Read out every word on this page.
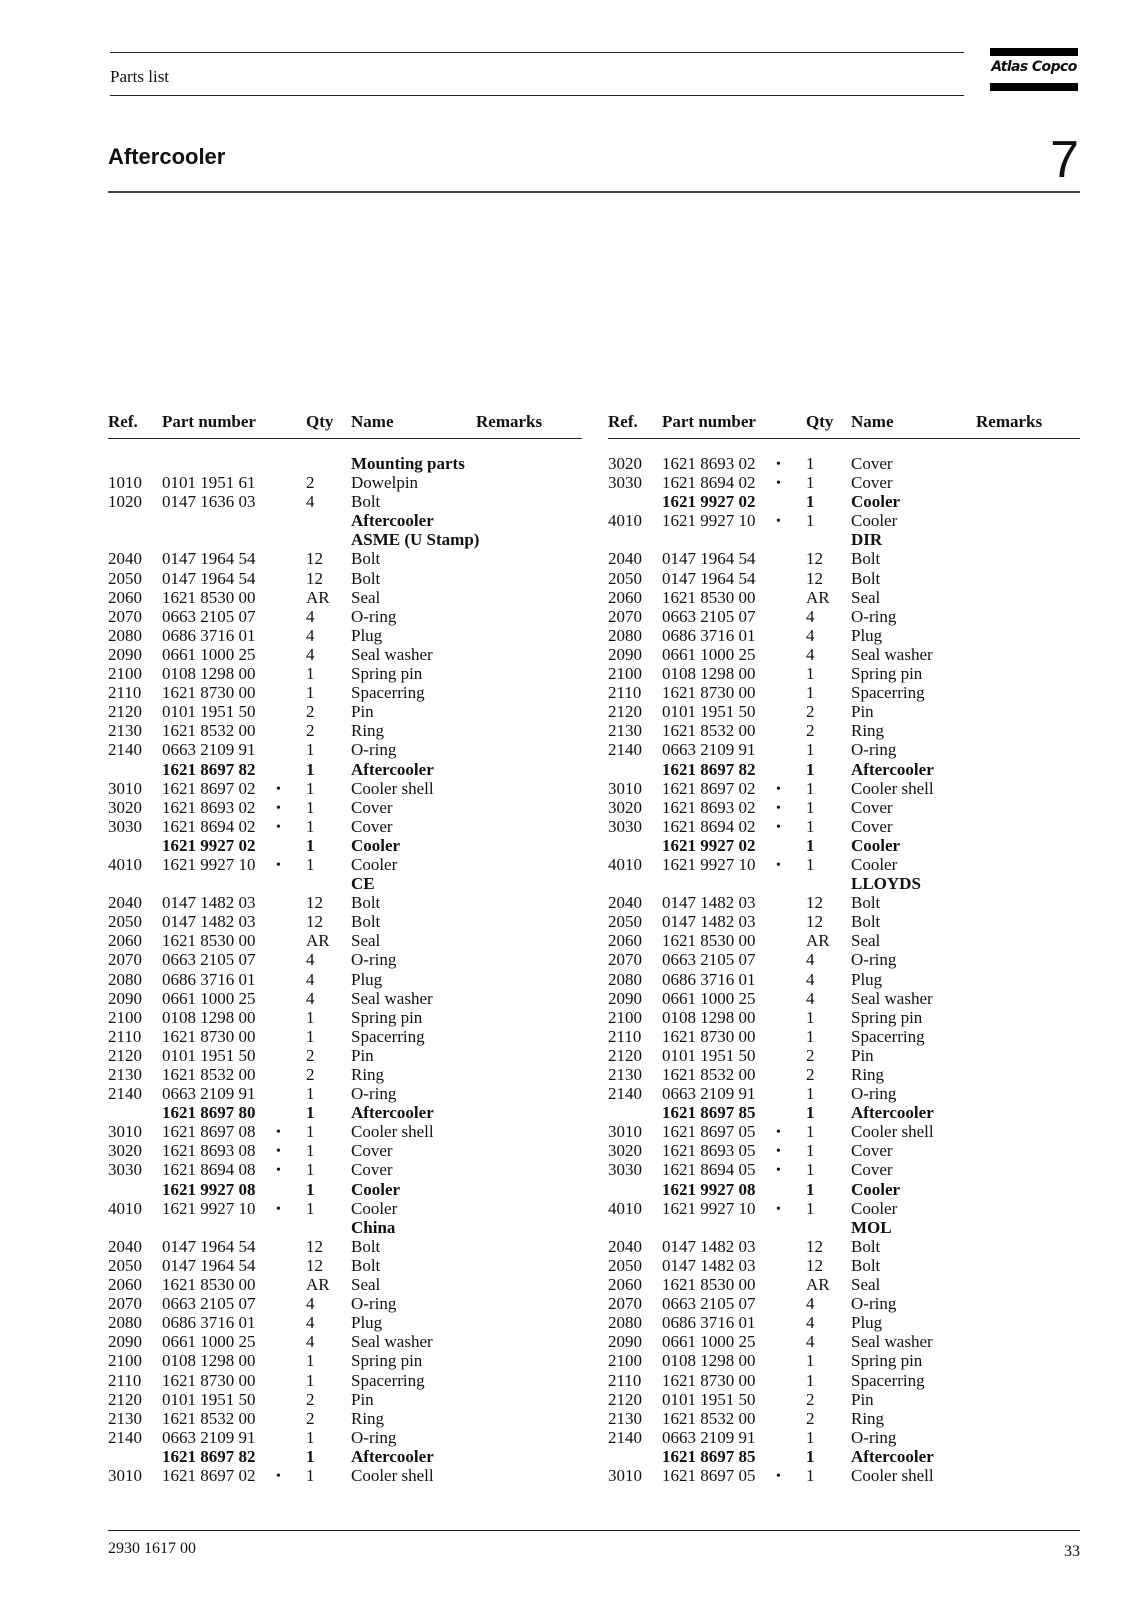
Parts list	Atlas Copco
Aftercooler	7
Ref. Part number	Qty Name	Remarks
Mounting parts
1010 0101 1951 61	2 Dowelpin
1020 0147 1636 03	4 Bolt
Aftercooler
ASME (U Stamp)
2040 0147 1964 54	12 Bolt
2050 0147 1964 54	12 Bolt
2060 1621 8530 00	AR Seal
2070 0663 2105 07	4 O-ring
2080 0686 3716 01	4 Plug
2090 0661 1000 25	4 Seal washer
2100 0108 1298 00	1 Spring pin
2110 1621 8730 00	1 Spacerring
2120 0101 1951 50	2 Pin
2130 1621 8532 00	2 Ring
2140 0663 2109 91	1 O-ring
1621 8697 82	1 Aftercooler
3010 1621 8697 02 • 1 Cooler shell
3020 1621 8693 02 • 1 Cover
3030 1621 8694 02 • 1 Cover
1621 9927 02	1 Cooler
4010 1621 9927 10 • 1 Cooler
CE
2040 0147 1482 03	12 Bolt
2050 0147 1482 03	12 Bolt
2060 1621 8530 00	AR Seal
2070 0663 2105 07	4 O-ring
2080 0686 3716 01	4 Plug
2090 0661 1000 25	4 Seal washer
2100 0108 1298 00	1 Spring pin
2110 1621 8730 00	1 Spacerring
2120 0101 1951 50	2 Pin
2130 1621 8532 00	2 Ring
2140 0663 2109 91	1 O-ring
1621 8697 80	1 Aftercooler
3010 1621 8697 08 • 1 Cooler shell
3020 1621 8693 08 • 1 Cover
3030 1621 8694 08 • 1 Cover
1621 9927 08	1 Cooler
4010 1621 9927 10 • 1 Cooler
China
2040 0147 1964 54	12 Bolt
2050 0147 1964 54	12 Bolt
2060 1621 8530 00	AR Seal
2070 0663 2105 07	4 O-ring
2080 0686 3716 01	4 Plug
2090 0661 1000 25	4 Seal washer
2100 0108 1298 00	1 Spring pin
2110 1621 8730 00	1 Spacerring
2120 0101 1951 50	2 Pin
2130 1621 8532 00	2 Ring
2140 0663 2109 91	1 O-ring
1621 8697 82	1 Aftercooler
3010 1621 8697 02 • 1 Cooler shell
Ref. Part number	Qty Name	Remarks
3020 1621 8693 02 • 1 Cover
3030 1621 8694 02 • 1 Cover
1621 9927 02	1 Cooler
4010 1621 9927 10 • 1 Cooler
DIR
2040 0147 1964 54	12 Bolt
2050 0147 1964 54	12 Bolt
2060 1621 8530 00	AR Seal
2070 0663 2105 07	4 O-ring
2080 0686 3716 01	4 Plug
2090 0661 1000 25	4 Seal washer
2100 0108 1298 00	1 Spring pin
2110 1621 8730 00	1 Spacerring
2120 0101 1951 50	2 Pin
2130 1621 8532 00	2 Ring
2140 0663 2109 91	1 O-ring
1621 8697 82	1 Aftercooler
3010 1621 8697 02 • 1 Cooler shell
3020 1621 8693 02 • 1 Cover
3030 1621 8694 02 • 1 Cover
1621 9927 02	1 Cooler
4010 1621 9927 10 • 1 Cooler
LLOYDS
2040 0147 1482 03	12 Bolt
2050 0147 1482 03	12 Bolt
2060 1621 8530 00	AR Seal
2070 0663 2105 07	4 O-ring
2080 0686 3716 01	4 Plug
2090 0661 1000 25	4 Seal washer
2100 0108 1298 00	1 Spring pin
2110 1621 8730 00	1 Spacerring
2120 0101 1951 50	2 Pin
2130 1621 8532 00	2 Ring
2140 0663 2109 91	1 O-ring
1621 8697 85	1 Aftercooler
3010 1621 8697 05 • 1 Cooler shell
3020 1621 8693 05 • 1 Cover
3030 1621 8694 05 • 1 Cover
1621 9927 08	1 Cooler
4010 1621 9927 10 • 1 Cooler
MOL
2040 0147 1482 03	12 Bolt
2050 0147 1482 03	12 Bolt
2060 1621 8530 00	AR Seal
2070 0663 2105 07	4 O-ring
2080 0686 3716 01	4 Plug
2090 0661 1000 25	4 Seal washer
2100 0108 1298 00	1 Spring pin
2110 1621 8730 00	1 Spacerring
2120 0101 1951 50	2 Pin
2130 1621 8532 00	2 Ring
2140 0663 2109 91	1 O-ring
1621 8697 85	1 Aftercooler
3010 1621 8697 05 • 1 Cooler shell
2930 1617 00	33
